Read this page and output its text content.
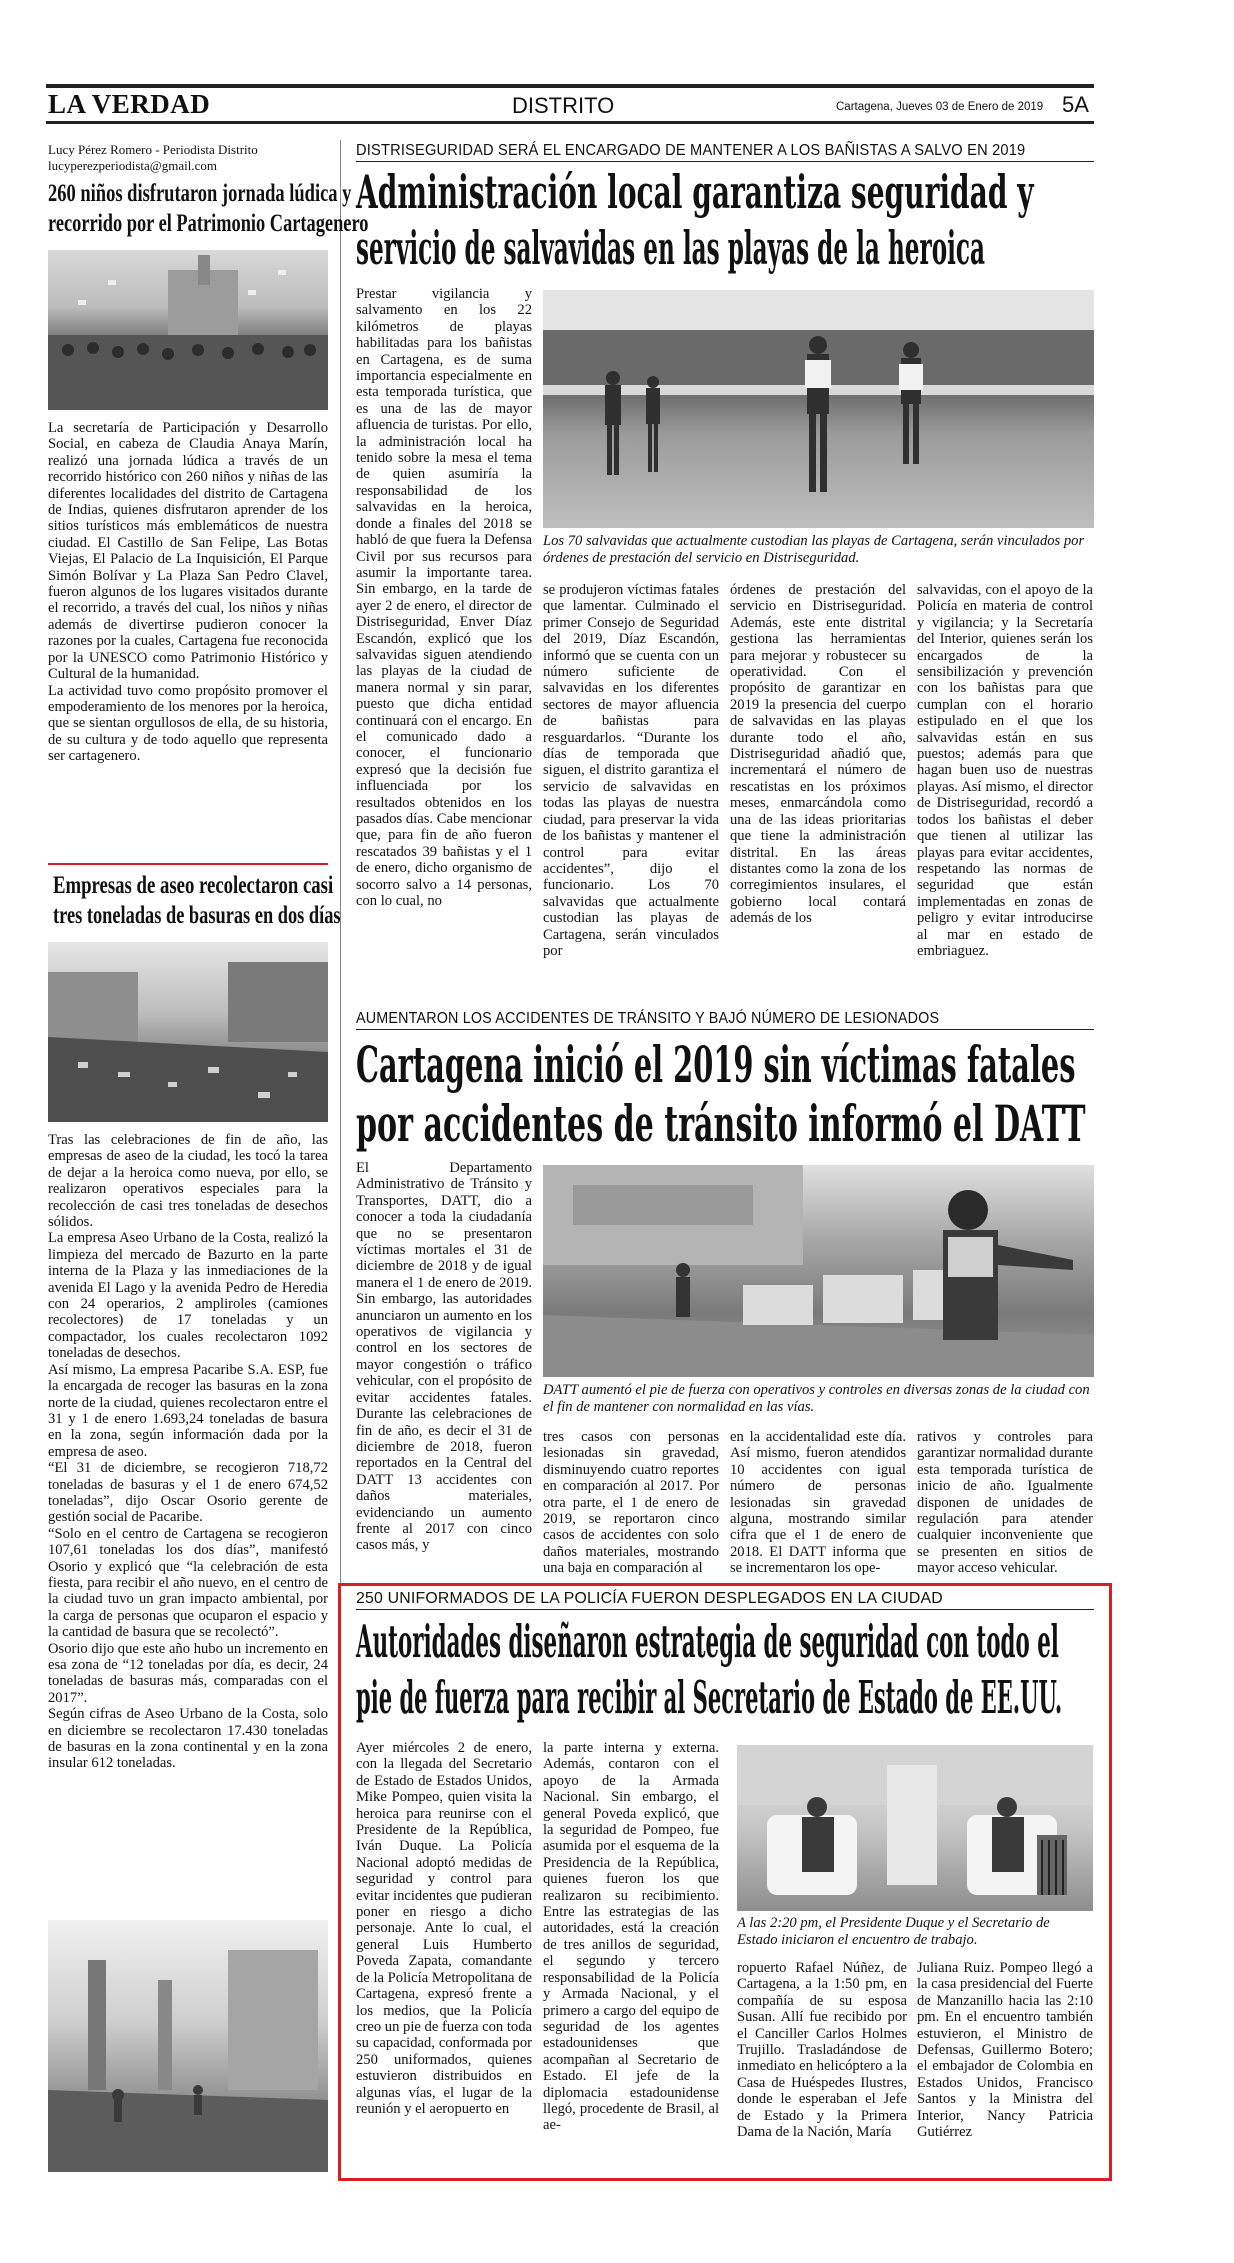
LA VERDAD	DISTRITO	Cartagena, Jueves 03 de Enero de 2019 5A
Lucy Pérez Romero - Periodista Distrito
lucyperezperiodista@gmail.com
260 niños disfrutaron jornada lúdica y
recorrido por el Patrimonio Cartagenero

La secretaría de Participación y Desarrollo Social, en cabeza de Claudia Anaya Marín, realizó una jornada lúdica a través de un recorrido histórico con 260 niños y niñas de las diferentes localidades del distrito de Cartagena de Indias, quienes disfrutaron aprender de los sitios turísticos más emblemáticos de nuestra ciudad. El Castillo de San Felipe, Las Botas Viejas, El Palacio de La Inquisición, El Parque Simón Bolívar y La Plaza San Pedro Clavel, fueron algunos de los lugares visitados durante el recorrido, a través del cual, los niños y niñas además de divertirse pudieron conocer la razones por la cuales, Cartagena fue reconocida por la UNESCO como Patrimonio Histórico y Cultural de la humanidad.

La actividad tuvo como propósito promover el empoderamiento de los menores por la heroica, que se sientan orgullosos de ella, de su historia, de su cultura y de todo aquello que representa ser cartagenero.

Empresas de aseo recolectaron casi
tres toneladas de basuras en dos días

Tras las celebraciones de fin de año, las empresas de aseo de la ciudad, les tocó la tarea de dejar a la heroica como nueva, por ello, se realizaron operativos especiales para la recolección de casi tres toneladas de desechos sólidos.

La empresa Aseo Urbano de la Costa, realizó la limpieza del mercado de Bazurto en la parte interna de la Plaza y las inmediaciones de la avenida El Lago y la avenida Pedro de Heredia con 24 operarios, 2 ampliroles (camiones recolectores) de 17 toneladas y un compactador, los cuales recolectaron 1092 toneladas de desechos.

Así mismo, La empresa Pacaribe S.A. ESP, fue la encargada de recoger las basuras en la zona norte de la ciudad, quienes recolectaron entre el 31 y 1 de enero 1.693,24 toneladas de basura en la zona, según información dada por la empresa de aseo.

“El 31 de diciembre, se recogieron 718,72 toneladas de basuras y el 1 de enero 674,52 toneladas”, dijo Oscar Osorio gerente de gestión social de Pacaribe.

“Solo en el centro de Cartagena se recogieron 107,61 toneladas los dos días”, manifestó Osorio y explicó que “la celebración de esta fiesta, para recibir el año nuevo, en el centro de la ciudad tuvo un gran impacto ambiental, por la carga de personas que ocuparon el espacio y la cantidad de basura que se recolectó”.

Osorio dijo que este año hubo un incremento en esa zona de “12 toneladas por día, es decir, 24 toneladas de basuras más, comparadas con el 2017”.

Según cifras de Aseo Urbano de la Costa, solo en diciembre se recolectaron 17.430 toneladas de basuras en la zona continental y en la zona insular 612 toneladas.

DISTRISEGURIDAD SERÁ EL ENCARGADO DE MANTENER A LOS BAÑISTAS A SALVO EN 2019
Administración local garantiza seguridad y
servicio de salvavidas en las playas de la heroica
Prestar vigilancia y salvamento en los 22 kilómetros de playas habilitadas para los bañistas en Cartagena, es de suma importancia especialmente en esta temporada turística, que es una de las de mayor afluencia de turistas. Por ello, la administración local ha tenido sobre la mesa el tema de quien asumiría la responsabilidad de los salvavidas en la heroica, donde a finales del 2018 se habló de que fuera la Defensa Civil por sus recursos para asumir la importante tarea. Sin embargo, en la tarde de ayer 2 de enero, el director de Distriseguridad, Enver Díaz Escandón, explicó que los salvavidas siguen atendiendo las playas de la ciudad de manera normal y sin parar, puesto que dicha entidad continuará con el encargo. En el comunicado dado a conocer, el funcionario expresó que la decisión fue influenciada por los resultados obtenidos en los pasados días. Cabe mencionar que, para fin de año fueron rescatados 39 bañistas y el 1 de enero, dicho organismo de socorro salvo a 14 personas, con lo cual, no
Los 70 salvavidas que actualmente custodian las playas de Cartagena, serán vinculados por órdenes de prestación del servicio en Distriseguridad.
se produjeron víctimas fatales que lamentar. Culminado el primer Consejo de Seguridad del 2019, Díaz Escandón, informó que se cuenta con un número suficiente de salvavidas en los diferentes sectores de mayor afluencia de bañistas para resguardarlos. “Durante los días de temporada que siguen, el distrito garantiza el servicio de salvavidas en todas las playas de nuestra ciudad, para preservar la vida de los bañistas y mantener el control para evitar accidentes”, dijo el funcionario. Los 70 salvavidas que actualmente custodian las playas de Cartagena, serán vinculados por
órdenes de prestación del servicio en Distriseguridad. Además, este ente distrital gestiona las herramientas para mejorar y robustecer su operatividad. Con el propósito de garantizar en 2019 la presencia del cuerpo de salvavidas en las playas durante todo el año, Distriseguridad añadió que, incrementará el número de rescatistas en los próximos meses, enmarcándola como una de las ideas prioritarias que tiene la administración distrital. En las áreas distantes como la zona de los corregimientos insulares, el gobierno local contará además de los
salvavidas, con el apoyo de la Policía en materia de control y vigilancia; y la Secretaría del Interior, quienes serán los encargados de la sensibilización y prevención con los bañistas para que cumplan con el horario estipulado en el que los salvavidas están en sus puestos; además para que hagan buen uso de nuestras playas. Así mismo, el director de Distriseguridad, recordó a todos los bañistas el deber que tienen al utilizar las playas para evitar accidentes, respetando las normas de seguridad que están implementadas en zonas de peligro y evitar introducirse al mar en estado de embriaguez.
AUMENTARON LOS ACCIDENTES DE TRÁNSITO Y BAJÓ NÚMERO DE LESIONADOS
Cartagena inició el 2019 sin víctimas fatales
por accidentes de tránsito informó el DATT
El Departamento Administrativo de Tránsito y Transportes, DATT, dio a conocer a toda la ciudadanía que no se presentaron víctimas mortales el 31 de diciembre de 2018 y de igual manera el 1 de enero de 2019. Sin embargo, las autoridades anunciaron un aumento en los operativos de vigilancia y control en los sectores de mayor congestión o tráfico vehicular, con el propósito de evitar accidentes fatales. Durante las celebraciones de fin de año, es decir el 31 de diciembre de 2018, fueron reportados en la Central del DATT 13 accidentes con daños materiales, evidenciando un aumento frente al 2017 con cinco casos más, y
DATT aumentó el pie de fuerza con operativos y controles en diversas zonas de la ciudad con el fin de mantener con normalidad en las vías.
tres casos con personas lesionadas sin gravedad, disminuyendo cuatro reportes en comparación al 2017. Por otra parte, el 1 de enero de 2019, se reportaron cinco casos de accidentes con solo daños materiales, mostrando una baja en comparación al
en la accidentalidad este día. Así mismo, fueron atendidos 10 accidentes con igual número de personas lesionadas sin gravedad alguna, mostrando similar cifra que el 1 de enero de 2018. El DATT informa que se incrementaron los ope-
rativos y controles para garantizar normalidad durante esta temporada turística de inicio de año. Igualmente disponen de unidades de regulación para atender cualquier inconveniente que se presenten en sitios de mayor acceso vehicular.
250 UNIFORMADOS DE LA POLICÍA FUERON DESPLEGADOS EN LA CIUDAD
Autoridades diseñaron estrategia de seguridad con todo el
pie de fuerza para recibir al Secretario de Estado de EE.UU.
Ayer miércoles 2 de enero, con la llegada del Secretario de Estado de Estados Unidos, Mike Pompeo, quien visita la heroica para reunirse con el Presidente de la República, Iván Duque. La Policía Nacional adoptó medidas de seguridad y control para evitar incidentes que pudieran poner en riesgo a dicho personaje. Ante lo cual, el general Luis Humberto Poveda Zapata, comandante de la Policía Metropolitana de Cartagena, expresó frente a los medios, que la Policía creo un pie de fuerza con toda su capacidad, conformada por 250 uniformados, quienes estuvieron distribuidos en algunas vías, el lugar de la reunión y el aeropuerto en
la parte interna y externa. Además, contaron con el apoyo de la Armada Nacional. Sin embargo, el general Poveda explicó, que la seguridad de Pompeo, fue asumida por el esquema de la Presidencia de la República, quienes fueron los que realizaron su recibimiento. Entre las estrategias de las autoridades, está la creación de tres anillos de seguridad, el segundo y tercero responsabilidad de la Policía y Armada Nacional, y el primero a cargo del equipo de seguridad de los agentes estadounidenses que acompañan al Secretario de Estado. El jefe de la diplomacia estadounidense llegó, procedente de Brasil, al ae-
A las 2:20 pm, el Presidente Duque y el Secretario de Estado iniciaron el encuentro de trabajo.
ropuerto Rafael Núñez, de Cartagena, a la 1:50 pm, en compañía de su esposa Susan. Allí fue recibido por el Canciller Carlos Holmes Trujillo. Trasladándose de inmediato en helicóptero a la Casa de Huéspedes Ilustres, donde le esperaban el Jefe de Estado y la Primera Dama de la Nación, María
Juliana Ruiz. Pompeo llegó a la casa presidencial del Fuerte de Manzanillo hacia las 2:10 pm. En el encuentro también estuvieron, el Ministro de Defensas, Guillermo Botero; el embajador de Colombia en Estados Unidos, Francisco Santos y la Ministra del Interior, Nancy Patricia Gutiérrez
